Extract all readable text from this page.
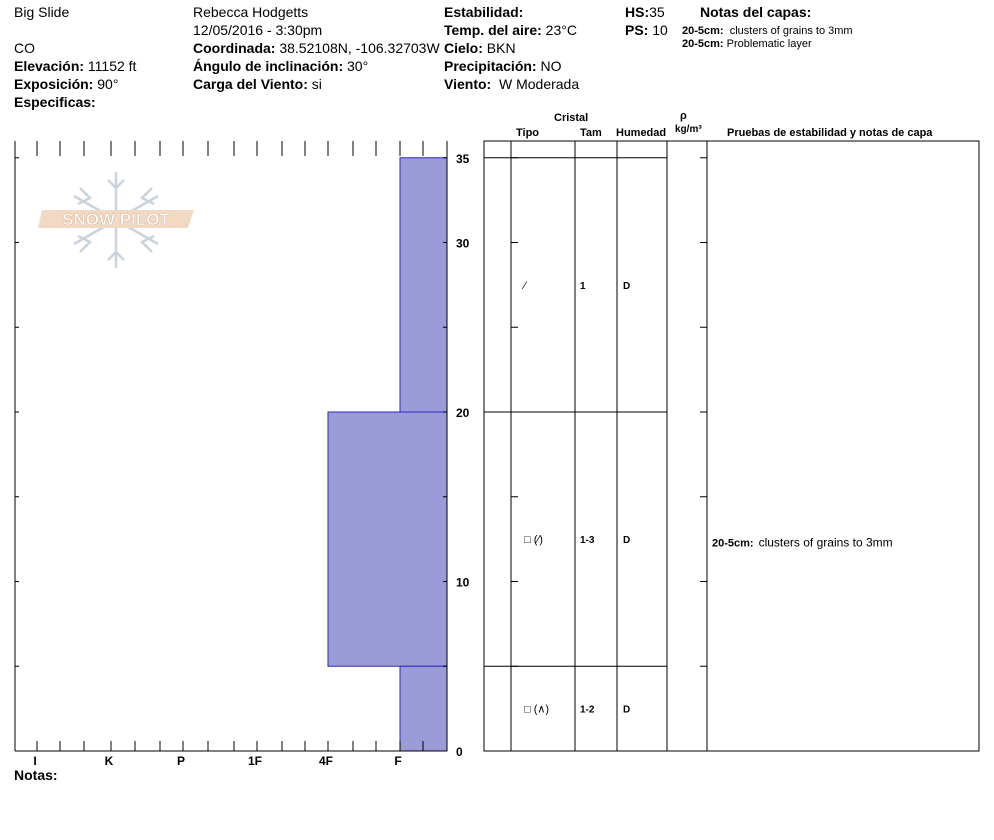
Big Slide
CO
Elevación: 11152 ft
Exposición: 90°
Especificas:
Rebecca Hodgetts
12/05/2016 - 3:30pm
Coordinada: 38.52108N, -106.32703W
Ángulo de inclinación: 30°
Carga del Viento: si
Estabilidad:
Temp. del aire: 23°C
Cielo: BKN
Precipitación: NO
Viento: W Moderada
HS:35
PS: 10
Notas del capas:
20-5cm: clusters of grains to 3mm
20-5cm: Problematic layer
Cristal	ρ
Tipo	Tam Humedad kg/m³ Pruebas de estabilidad y notas de capa
Notas:
SNOW PILOT
0
10
20
30
35
I	K	P	1F	4F	F
⁄	1	D
□ (⁄)	1-3	D
□ (∧)	1-2	D
20-5cm: clusters of grains to 3mm
